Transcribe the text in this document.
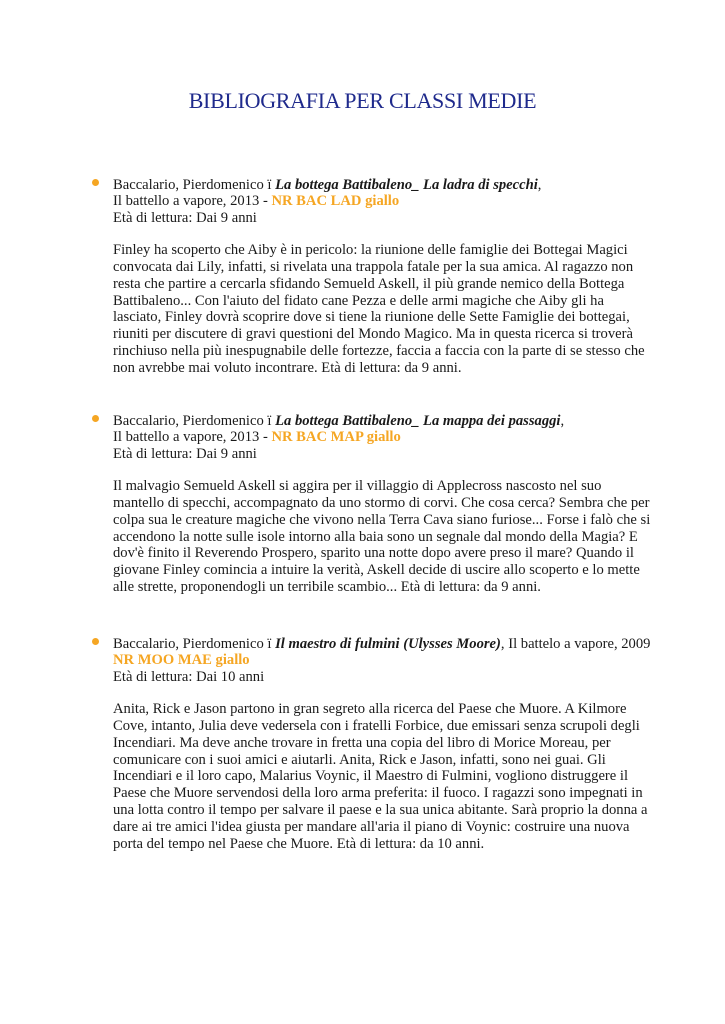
BIBLIOGRAFIA PER CLASSI MEDIE
Baccalario, Pierdomenico ï La bottega Battibaleno_ La ladra di specchi,
Il battello a vapore, 2013 - NR BAC LAD giallo
Età di lettura: Dai 9 anni
Finley ha scoperto che Aiby è in pericolo: la riunione delle famiglie dei Bottegai Magici
convocata dai Lily, infatti, si rivelata una trappola fatale per la sua amica. Al ragazzo non
resta che partire a cercarla sfidando Semueld Askell, il più grande nemico della Bottega
Battibaleno... Con l'aiuto del fidato cane Pezza e delle armi magiche che Aiby gli ha
lasciato, Finley dovrà scoprire dove si tiene la riunione delle Sette Famiglie dei bottegai,
riuniti per discutere di gravi questioni del Mondo Magico. Ma in questa ricerca si troverà
rinchiuso nella più inespugnabile delle fortezze, faccia a faccia con la parte di se stesso che
non avrebbe mai voluto incontrare. Età di lettura: da 9 anni.
Baccalario, Pierdomenico ï La bottega Battibaleno_ La mappa dei passaggi,
Il battello a vapore, 2013 - NR BAC MAP giallo
Età di lettura: Dai 9 anni
Il malvagio Semueld Askell si aggira per il villaggio di Applecross nascosto nel suo
mantello di specchi, accompagnato da uno stormo di corvi. Che cosa cerca? Sembra che per
colpa sua le creature magiche che vivono nella Terra Cava siano furiose... Forse i falò che si
accendono la notte sulle isole intorno alla baia sono un segnale dal mondo della Magia? E
dov'è finito il Reverendo Prospero, sparito una notte dopo avere preso il mare? Quando il
giovane Finley comincia a intuire la verità, Askell decide di uscire allo scoperto e lo mette
alle strette, proponendogli un terribile scambio... Età di lettura: da 9 anni.
Baccalario, Pierdomenico ï Il maestro di fulmini (Ulysses Moore), Il battelo a vapore, 2009
NR MOO MAE giallo
Età di lettura: Dai 10 anni
Anita, Rick e Jason partono in gran segreto alla ricerca del Paese che Muore. A Kilmore
Cove, intanto, Julia deve vedersela con i fratelli Forbice, due emissari senza scrupoli degli
Incendiari. Ma deve anche trovare in fretta una copia del libro di Morice Moreau, per
comunicare con i suoi amici e aiutarli. Anita, Rick e Jason, infatti, sono nei guai. Gli
Incendiari e il loro capo, Malarius Voynic, il Maestro di Fulmini, vogliono distruggere il
Paese che Muore servendosi della loro arma preferita: il fuoco. I ragazzi sono impegnati in
una lotta contro il tempo per salvare il paese e la sua unica abitante. Sarà proprio la donna a
dare ai tre amici l'idea giusta per mandare all'aria il piano di Voynic: costruire una nuova
porta del tempo nel Paese che Muore. Età di lettura: da 10 anni.
